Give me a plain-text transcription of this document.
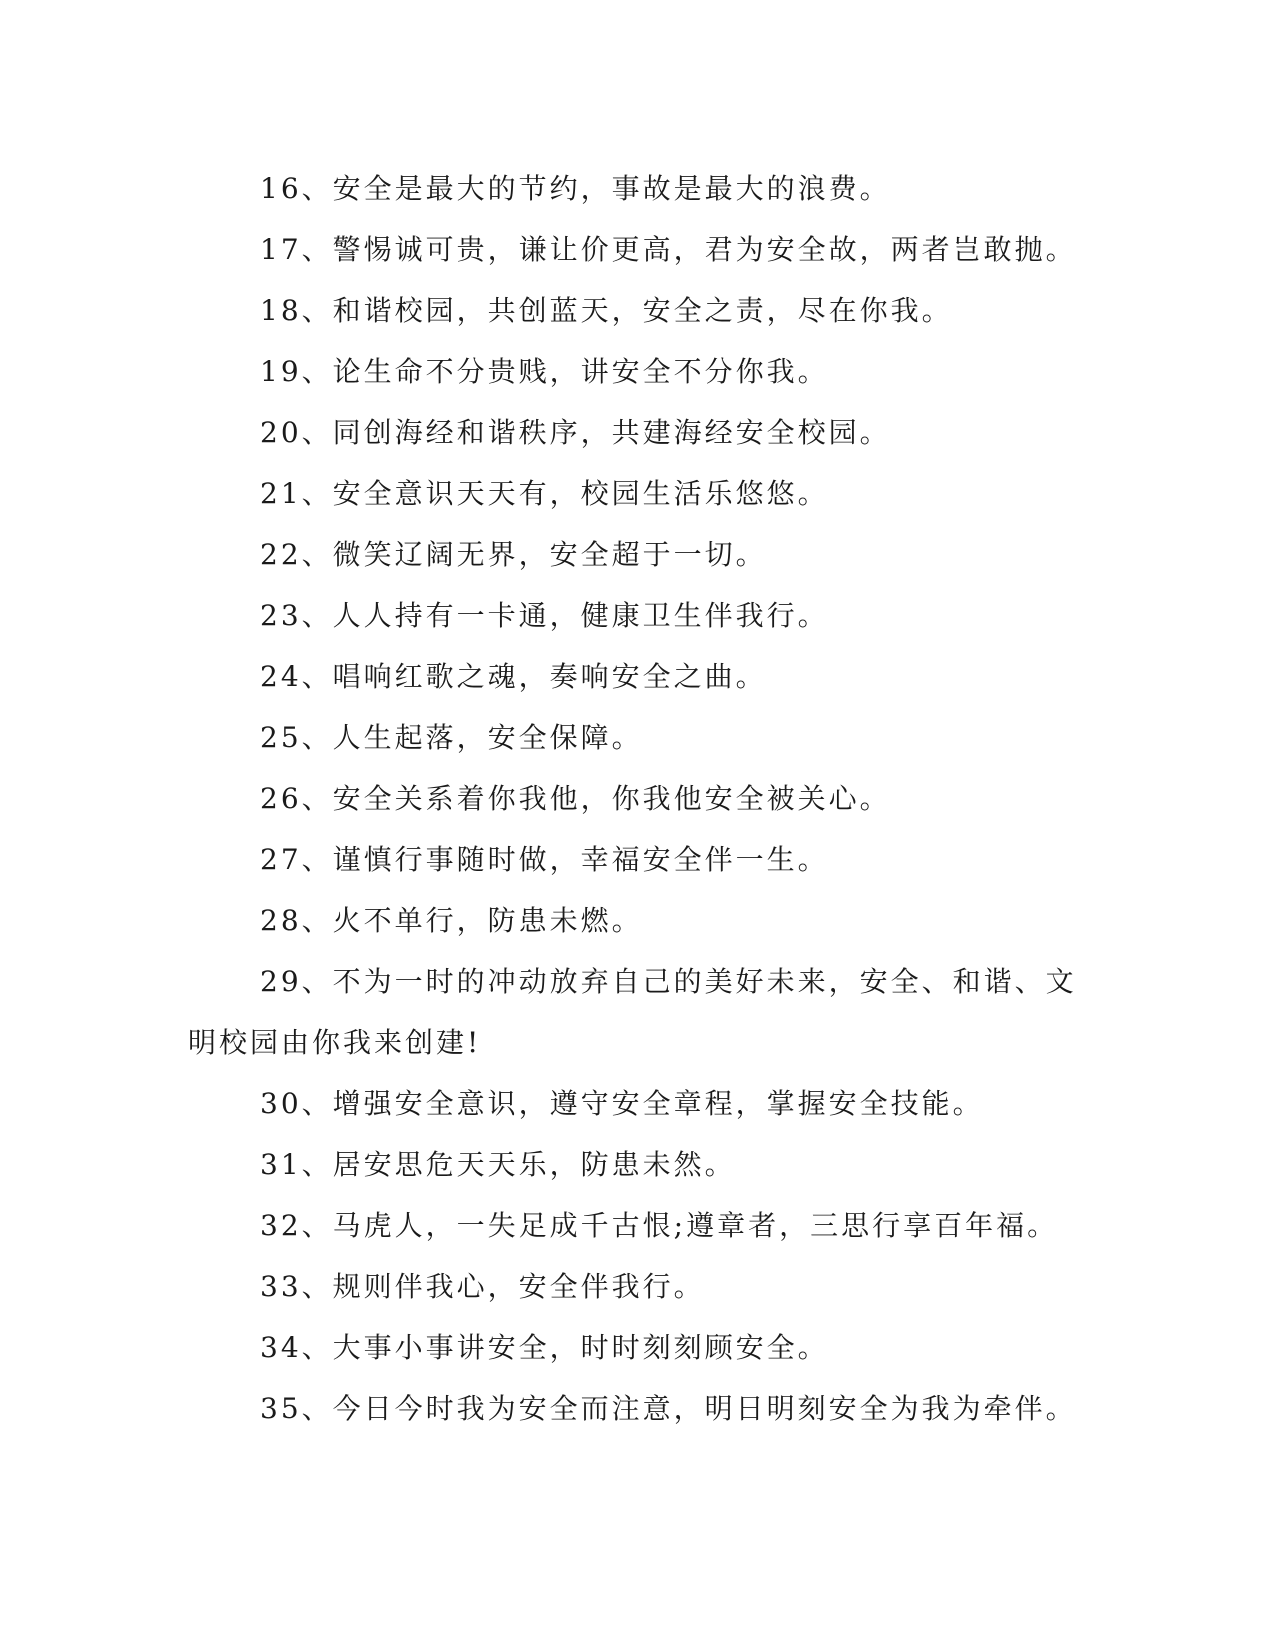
16、安全是最大的节约，事故是最大的浪费。

17、警惕诚可贵，谦让价更高，君为安全故，两者岂敢抛。

18、和谐校园，共创蓝天，安全之责，尽在你我。

19、论生命不分贵贱，讲安全不分你我。

20、同创海经和谐秩序，共建海经安全校园。

21、安全意识天天有，校园生活乐悠悠。

22、微笑辽阔无界，安全超于一切。

23、人人持有一卡通，健康卫生伴我行。

24、唱响红歌之魂，奏响安全之曲。

25、人生起落，安全保障。

26、安全关系着你我他，你我他安全被关心。

27、谨慎行事随时做，幸福安全伴一生。

28、火不单行，防患未燃。

29、不为一时的冲动放弃自己的美好未来，安全、和谐、文明校园由你我来创建!

30、增强安全意识，遵守安全章程，掌握安全技能。

31、居安思危天天乐，防患未然。

32、马虎人，一失足成千古恨;遵章者，三思行享百年福。

33、规则伴我心，安全伴我行。

34、大事小事讲安全，时时刻刻顾安全。

35、今日今时我为安全而注意，明日明刻安全为我为牵伴。
